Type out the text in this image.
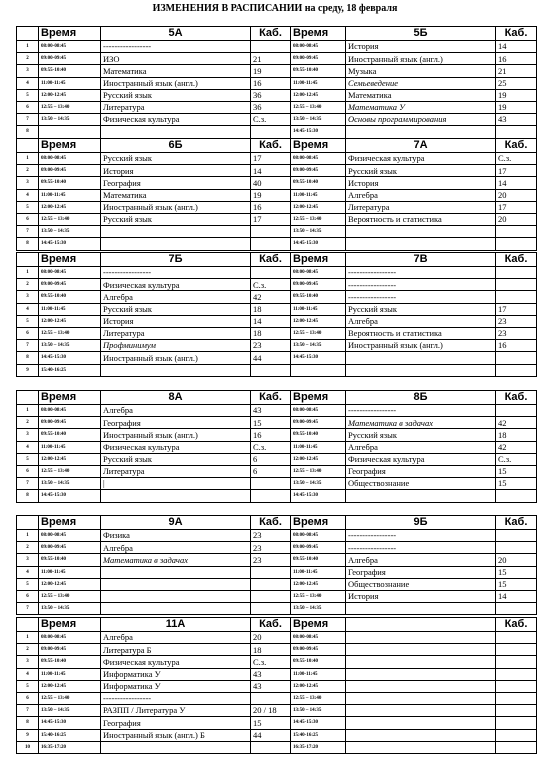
ИЗМЕНЕНИЯ В РАСПИСАНИИ на среду, 18 февраля
	Время	5А	Каб.
1	08:00-08:45	-----------------	
2	09:00-09:45	ИЗО	21
3	09:55-10:40	Математика	19
4	11:00-11:45	Иностранный язык (англ.)	16
5	12:00-12:45	Русский язык	36
6	12:55 – 13:40	Литература	36
7	13:50 – 14:35	Физическая культура	С.з.
8			
Время	5Б	Каб.
08:00-08:45	История	14
09:00-09:45	Иностранный язык (англ.)	16
09:55-10:40	Музыка	21
11:00-11:45	Семьеведение	25
12:00-12:45	Математика	19
12:55 – 13:40	Математика У	19
13:50 – 14:35	Основы программирования	43
14:45-15:30		
	Время	6Б	Каб.
1	08:00-08:45	Русский язык	17
2	09:00-09:45	История	14
3	09:55-10:40	География	40
4	11:00-11:45	Математика	19
5	12:00-12:45	Иностранный язык (англ.)	16
6	12:55 – 13:40	Русский язык	17
7	13:50 – 14:35		
8	14:45-15:30		
Время	7А	Каб.
08:00-08:45	Физическая культура	С.з.
09:00-09:45	Русский язык	17
09:55-10:40	История	14
11:00-11:45	Алгебра	20
12:00-12:45	Литература	17
12:55 – 13:40	Вероятность и статистика	20
13:50 – 14:35		
14:45-15:30		
	Время	7Б	Каб.
1	08:00-08:45	-----------------	
2	09:00-09:45	Физическая культура	С.з.
3	09:55-10:40	Алгебра	42
4	11:00-11:45	Русский язык	18
5	12:00-12:45	История	14
6	12:55 – 13:40	Литература	18
7	13:50 – 14:35	Профминимум	23
8	14:45-15:30	Иностранный язык (англ.)	44
9	15:40-16:25		
Время	7В	Каб.
08:00-08:45	-----------------	
09:00-09:45	-----------------	
09:55-10:40	-----------------	
11:00-11:45	Русский язык	17
12:00-12:45	Алгебра	23
12:55 – 13:40	Вероятность и статистика	23
13:50 – 14:35	Иностранный язык (англ.)	16
14:45-15:30		

	Время	8А	Каб.
1	08:00-08:45	Алгебра	43
2	09:00-09:45	География	15
3	09:55-10:40	Иностранный язык (англ.)	16
4	11:00-11:45	Физическая культура	С.з.
5	12:00-12:45	Русский язык	6
6	12:55 – 13:40	Литература	6
7	13:50 – 14:35	|	
8	14:45-15:30		
Время	8Б	Каб.
08:00-08:45	-----------------	
09:00-09:45	Математика в задачах	42
09:55-10:40	Русский язык	18
11:00-11:45	Алгебра	42
12:00-12:45	Физическая культура	С.з.
12:55 – 13:40	География	15
13:50 – 14:35	Обществознание	15
14:45-15:30		
	Время	9А	Каб.
1	08:00-08:45	Физика	23
2	09:00-09:45	Алгебра	23
3	09:55-10:40	Математика в задачах	23
4	11:00-11:45		
5	12:00-12:45		
6	12:55 – 13:40		
7	13:50 – 14:35		
Время	9Б	Каб.
08:00-08:45	-----------------	
09:00-09:45	-----------------	
09:55-10:40	Алгебра	20
11:00-11:45	География	15
12:00-12:45	Обществознание	15
12:55 – 13:40	История	14
13:50 – 14:35		
	Время	11А	Каб.
1	08:00-08:45	Алгебра	20
2	09:00-09:45	Литература Б	18
3	09:55-10:40	Физическая культура	С.з.
4	11:00-11:45	Информатика У	43
5	12:00-12:45	Информатика У	43
6	12:55 – 13:40	-----------------	
7	13:50 – 14:35	РАЗПП / Литература У	20 / 18
8	14:45-15:30	География	15
9	15:40-16:25	Иностранный язык (англ.) Б	44
10	16:35-17:20		
Время		Каб.
08:00-08:45		
09:00-09:45		
09:55-10:40		
11:00-11:45		
12:00-12:45		
12:55 – 13:40		
13:50 – 14:35		
14:45-15:30		
15:40-16:25		
16:35-17:20		
